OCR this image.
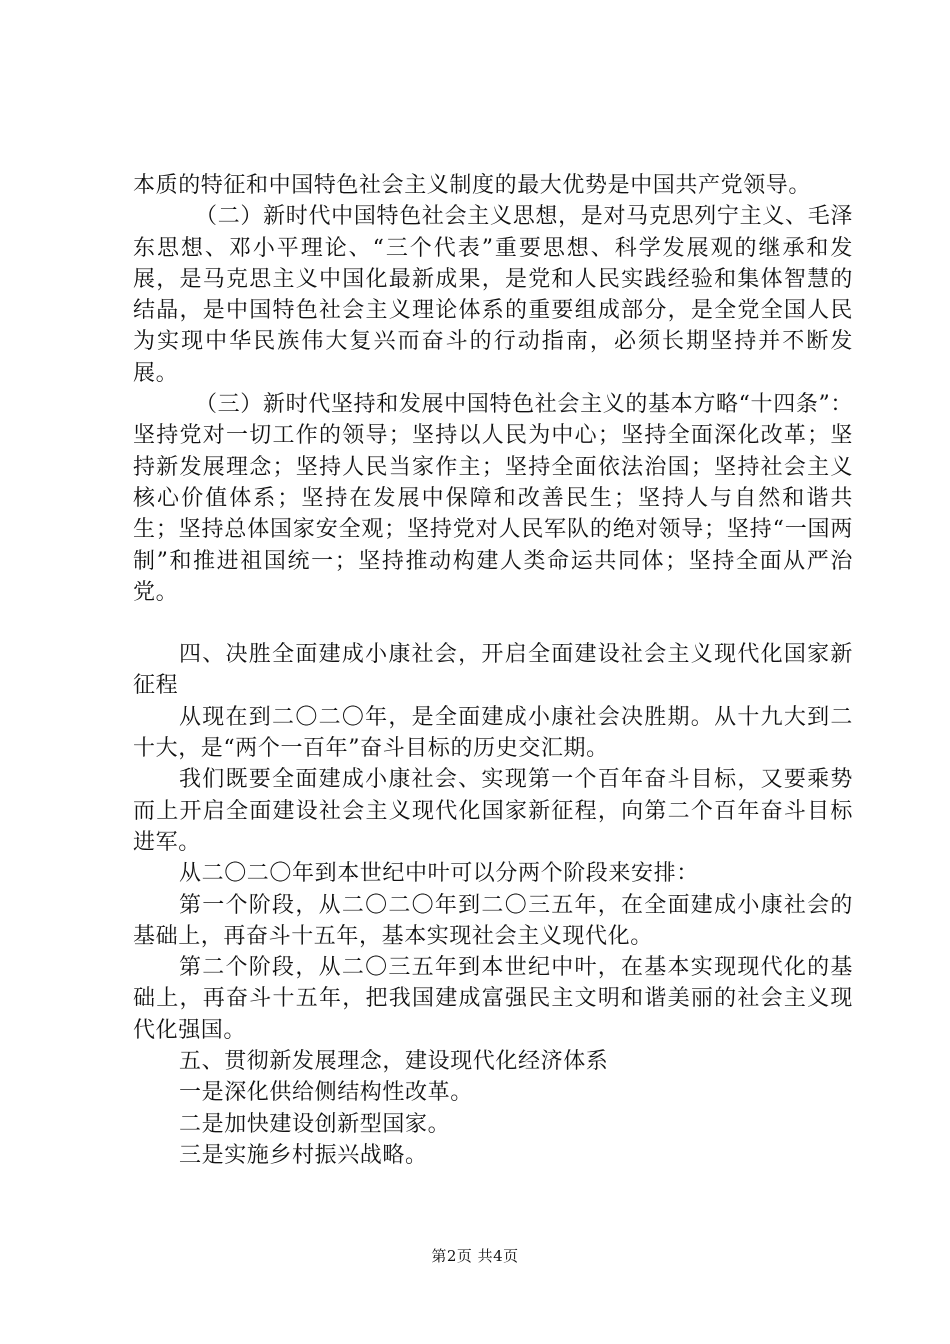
本质的特征和中国特色社会主义制度的最大优势是中国共产党领导。

（二）新时代中国特色社会主义思想，是对马克思列宁主义、毛泽东思想、邓小平理论、“三个代表”重要思想、科学发展观的继承和发展，是马克思主义中国化最新成果，是党和人民实践经验和集体智慧的结晶，是中国特色社会主义理论体系的重要组成部分，是全党全国人民为实现中华民族伟大复兴而奋斗的行动指南，必须长期坚持并不断发展。

（三）新时代坚持和发展中国特色社会主义的基本方略“十四条”：坚持党对一切工作的领导；坚持以人民为中心；坚持全面深化改革；坚持新发展理念；坚持人民当家作主；坚持全面依法治国；坚持社会主义核心价值体系；坚持在发展中保障和改善民生；坚持人与自然和谐共生；坚持总体国家安全观；坚持党对人民军队的绝对领导；坚持“一国两制”和推进祖国统一；坚持推动构建人类命运共同体；坚持全面从严治党。

四、决胜全面建成小康社会，开启全面建设社会主义现代化国家新征程

从现在到二〇二〇年，是全面建成小康社会决胜期。从十九大到二十大，是“两个一百年”奋斗目标的历史交汇期。

我们既要全面建成小康社会、实现第一个百年奋斗目标，又要乘势而上开启全面建设社会主义现代化国家新征程，向第二个百年奋斗目标进军。

从二〇二〇年到本世纪中叶可以分两个阶段来安排：

第一个阶段，从二〇二〇年到二〇三五年，在全面建成小康社会的基础上，再奋斗十五年，基本实现社会主义现代化。

第二个阶段，从二〇三五年到本世纪中叶，在基本实现现代化的基础上，再奋斗十五年，把我国建成富强民主文明和谐美丽的社会主义现代化强国。

五、贯彻新发展理念，建设现代化经济体系

一是深化供给侧结构性改革。

二是加快建设创新型国家。

三是实施乡村振兴战略。

第2页 共4页
